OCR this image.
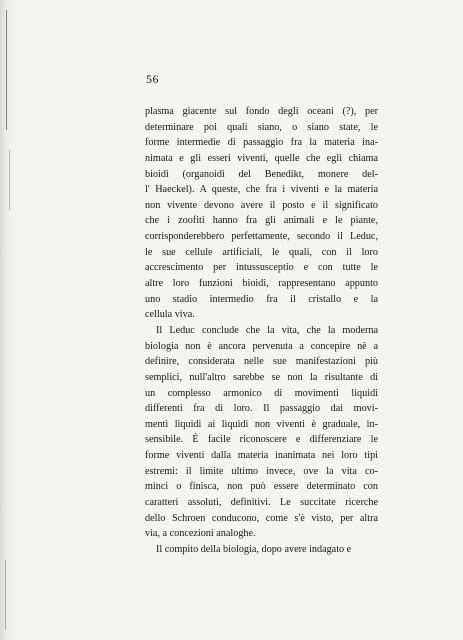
56
plasma giacente sul fondo degli oceani (?), per
determinare poi quali siano, o siano state, le
forme intermedie di passaggio fra la materia ina-
nimata e gli esseri viventi, quelle che egli chiama
bioidi (organoidi del Benedikt, monere del-
l' Haeckel). A queste, che fra i viventi e la materia
non vivente devono avere il posto e il significato
che i zoofiti hanno fra gli animali e le piante,
corrisponderebbero perfettamente, secondo il Leduc,
le sue cellule artificiali, le quali, con il loro
accrescimento per intussusceptio e con tutte le
altre loro funzioni bioidi, rappresentano appunto
uno stadio intermedio fra il cristallo e la
cellula viva.
Il Leduc conclude che la vita, che la moderna
biologia non è ancora pervenuta a concepire nè a
definire, considerata nelle sue manifestazioni più
semplici, null'altro sarebbe se non la risultante di
un complesso armonico di movimenti liquidi
differenti fra di loro. Il passaggio dai movi-
menti liquidi ai liquidi non viventi è graduale, in-
sensibile. È facile riconoscere e differenziare le
forme viventi dalla materia inanimata nei loro tipi
estremi: il limite ultimo invece, ove la vita co-
minci o finisca, non può essere determinato con
caratteri assoluti, definitivi. Le succitate ricerche
dello Schroen conducono, come s'è visto, per altra
via, a concezioni analoghe.
Il compito della biologia, dopo avere indagato e
